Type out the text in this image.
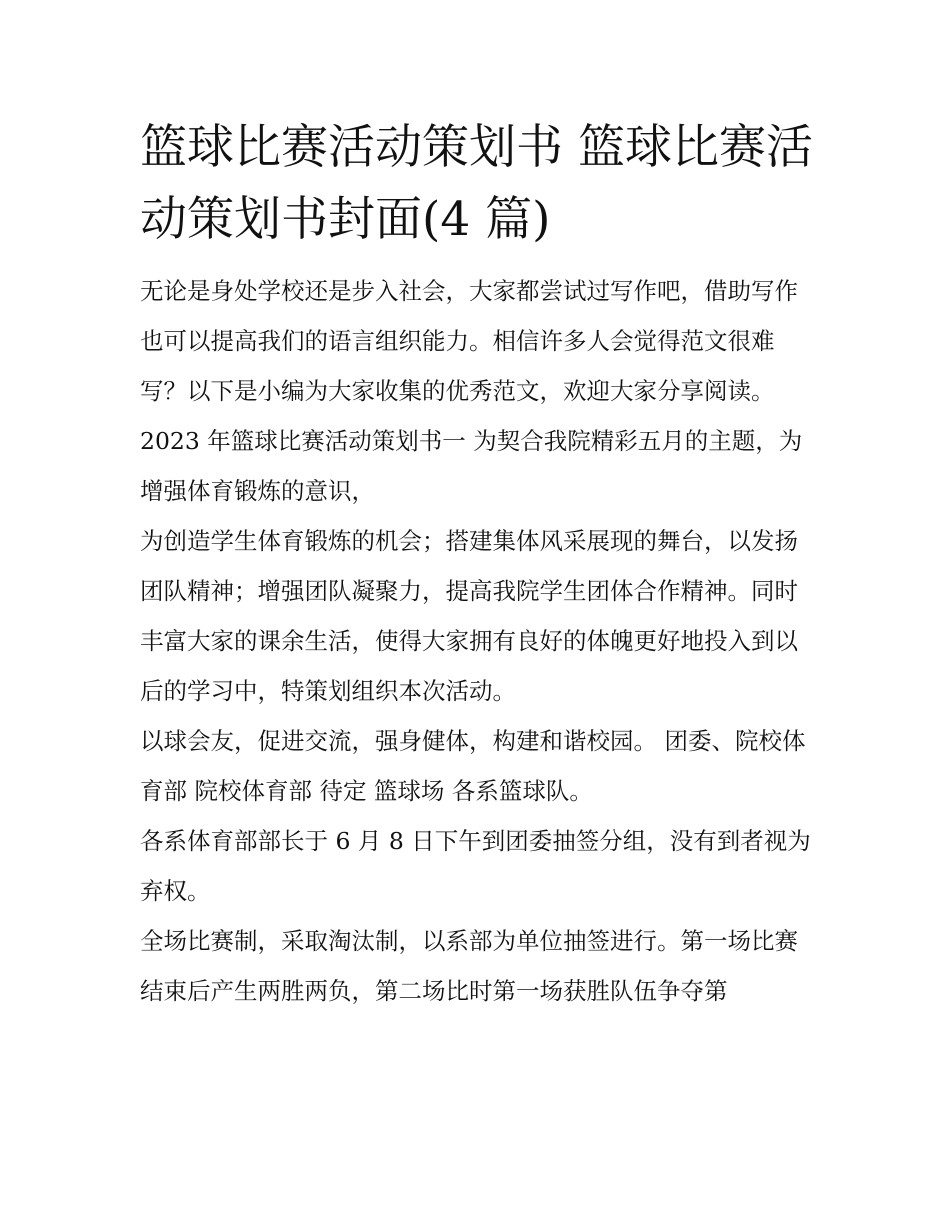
篮球比赛活动策划书 篮球比赛活动策划书封面(4 篇)

无论是身处学校还是步入社会，大家都尝试过写作吧，借助写作也可以提高我们的语言组织能力。相信许多人会觉得范文很难写？以下是小编为大家收集的优秀范文，欢迎大家分享阅读。

2023 年篮球比赛活动策划书一 为契合我院精彩五月的主题，为增强体育锻炼的意识，

为创造学生体育锻炼的机会；搭建集体风采展现的舞台，以发扬团队精神；增强团队凝聚力，提高我院学生团体合作精神。同时丰富大家的课余生活，使得大家拥有良好的体魄更好地投入到以后的学习中，特策划组织本次活动。

以球会友，促进交流，强身健体，构建和谐校园。 团委、院校体育部 院校体育部 待定 篮球场 各系篮球队。

各系体育部部长于 6 月 8 日下午到团委抽签分组，没有到者视为弃权。

全场比赛制，采取淘汰制，以系部为单位抽签进行。第一场比赛结束后产生两胜两负，第二场比时第一场获胜队伍争夺第
